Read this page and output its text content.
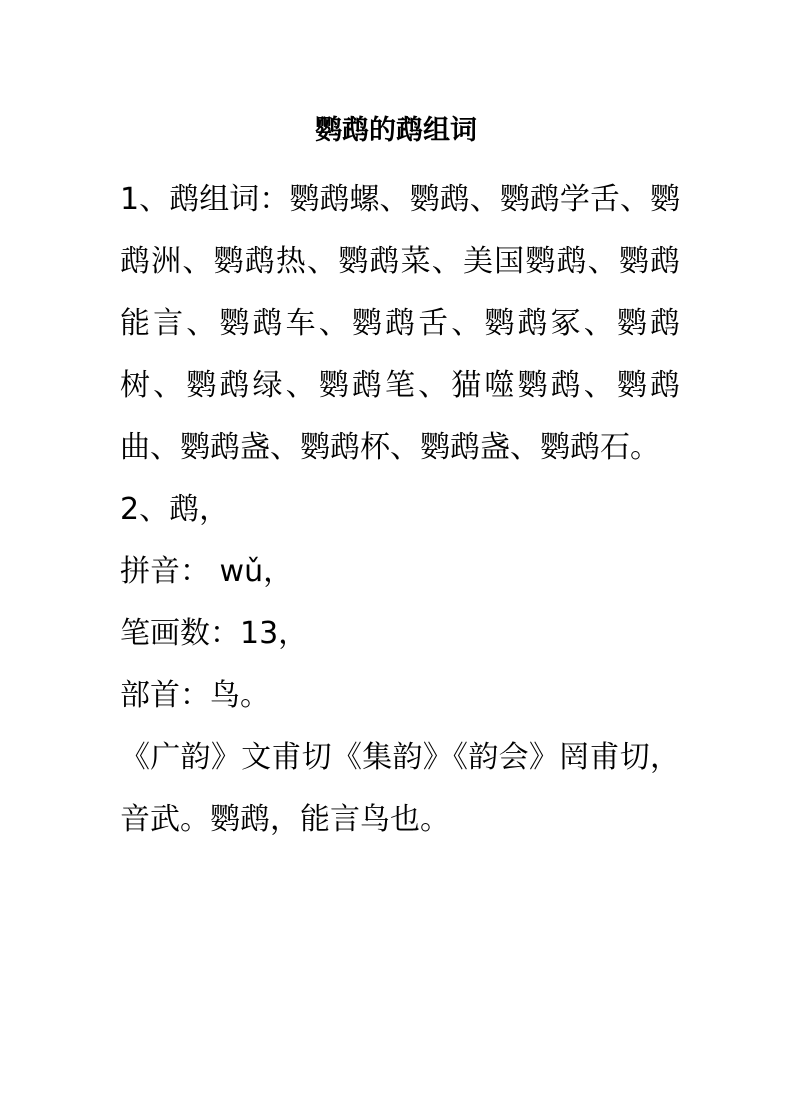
鹦鹉的鹉组词

1、鹉组词：鹦鹉螺、鹦鹉、鹦鹉学舌、鹦鹉洲、鹦鹉热、鹦鹉菜、美国鹦鹉、鹦鹉能言、鹦鹉车、鹦鹉舌、鹦鹉冢、鹦鹉树、鹦鹉绿、鹦鹉笔、猫噬鹦鹉、鹦鹉曲、鹦鹉盏、鹦鹉杯、鹦鹉盏、鹦鹉石。

2、鹉，

拼音： wǔ，

笔画数：13，

部首：鸟。

《广韵》文甫切《集韵》《韵会》罔甫切，音武。鹦鹉，能言鸟也。
